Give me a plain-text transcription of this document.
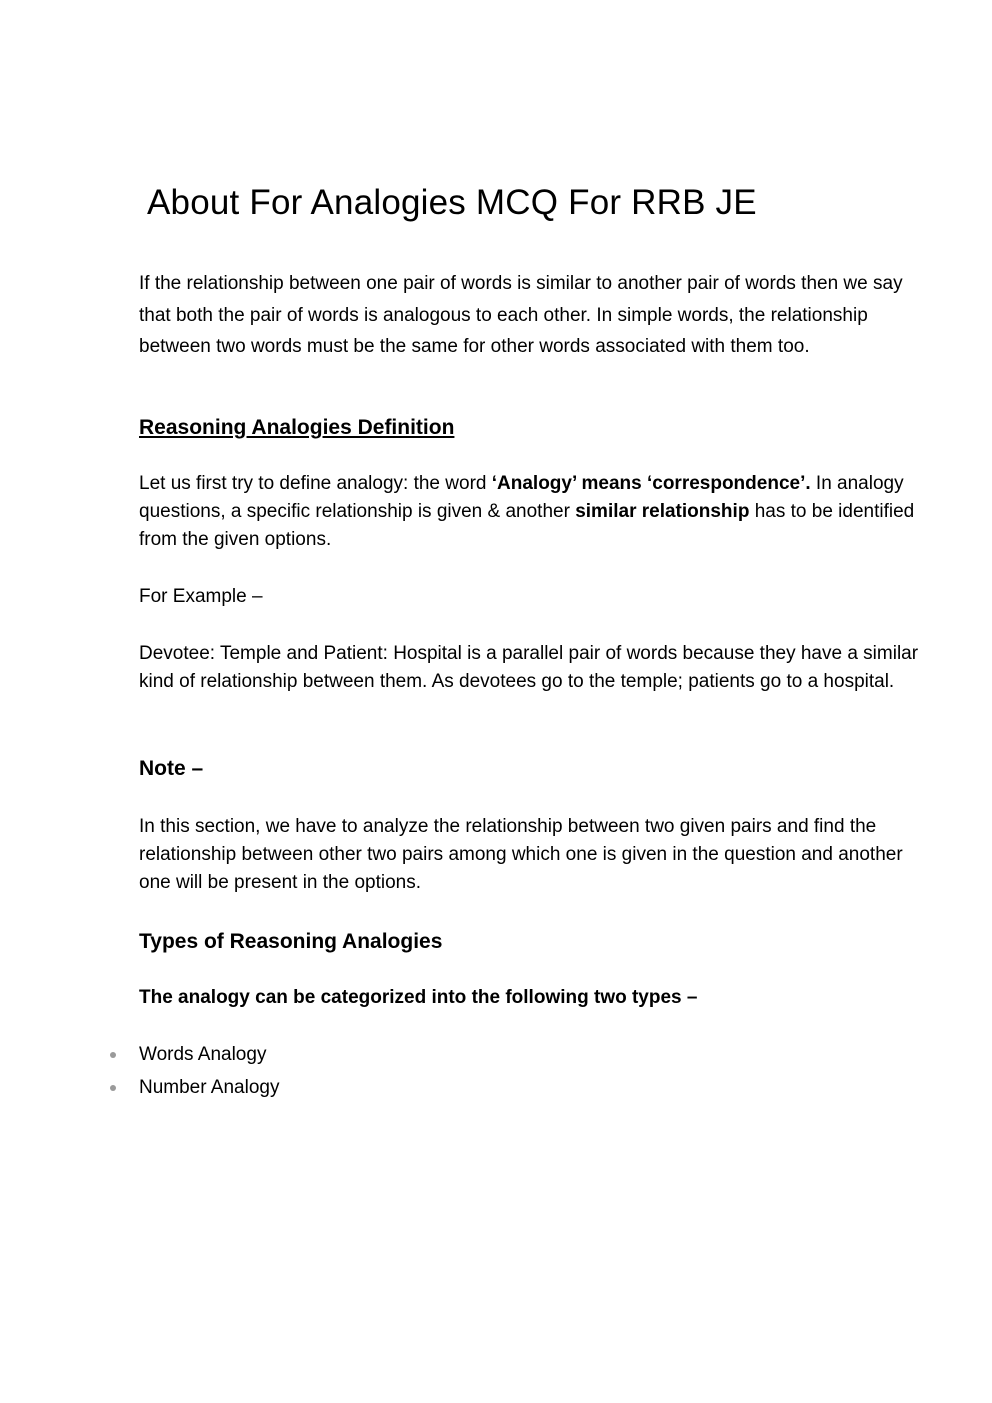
About For Analogies MCQ For RRB JE

If the relationship between one pair of words is similar to another pair of words then we say that both the pair of words is analogous to each other. In simple words, the relationship between two words must be the same for other words associated with them too.

Reasoning Analogies Definition

Let us first try to define analogy: the word ‘Analogy’ means ‘correspondence’. In analogy questions, a specific relationship is given & another similar relationship has to be identified from the given options.

For Example –

Devotee: Temple and Patient: Hospital is a parallel pair of words because they have a similar kind of relationship between them. As devotees go to the temple; patients go to a hospital.

Note –

In this section, we have to analyze the relationship between two given pairs and find the relationship between other two pairs among which one is given in the question and another one will be present in the options.

Types of Reasoning Analogies

The analogy can be categorized into the following two types –

Words Analogy
Number Analogy
